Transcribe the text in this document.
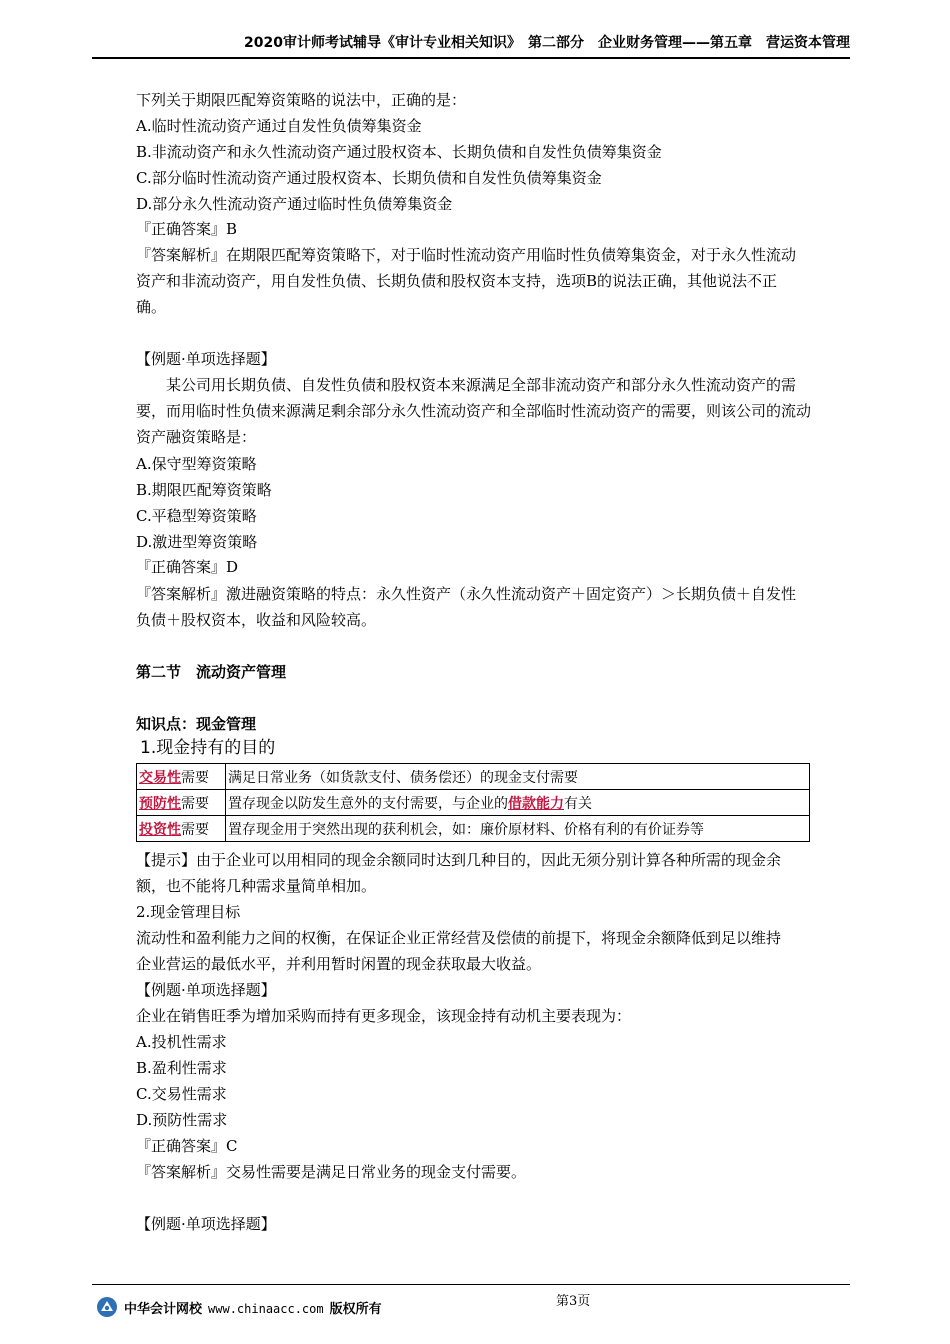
2020审计师考试辅导《审计专业相关知识》　第二部分　企业财务管理——第五章　营运资本管理

下列关于期限匹配筹资策略的说法中，正确的是：

A.临时性流动资产通过自发性负债筹集资金

B.非流动资产和永久性流动资产通过股权资本、长期负债和自发性负债筹集资金

C.部分临时性流动资产通过股权资本、长期负债和自发性负债筹集资金

D.部分永久性流动资产通过临时性负债筹集资金

『正确答案』B

『答案解析』在期限匹配筹资策略下，对于临时性流动资产用临时性负债筹集资金，对于永久性流动

资产和非流动资产，用自发性负债、长期负债和股权资本支持，选项B的说法正确，其他说法不正

确。

【例题·单项选择题】

某公司用长期负债、自发性负债和股权资本来源满足全部非流动资产和部分永久性流动资产的需

要，而用临时性负债来源满足剩余部分永久性流动资产和全部临时性流动资产的需要，则该公司的流动

资产融资策略是：

A.保守型筹资策略

B.期限匹配筹资策略

C.平稳型筹资策略

D.激进型筹资策略

『正确答案』D

『答案解析』激进融资策略的特点：永久性资产（永久性流动资产＋固定资产）＞长期负债＋自发性

负债＋股权资本，收益和风险较高。

第二节　流动资产管理

知识点：现金管理

1.现金持有的目的

交易性需要	满足日常业务（如货款支付、债务偿还）的现金支付需要
预防性需要	置存现金以防发生意外的支付需要，与企业的借款能力有关
投资性需要	置存现金用于突然出现的获利机会，如：廉价原材料、价格有利的有价证券等

【提示】由于企业可以用相同的现金余额同时达到几种目的，因此无须分别计算各种所需的现金余

额，也不能将几种需求量简单相加。

2.现金管理目标

流动性和盈利能力之间的权衡，在保证企业正常经营及偿债的前提下，将现金余额降低到足以维持

企业营运的最低水平，并利用暂时闲置的现金获取最大收益。

【例题·单项选择题】

企业在销售旺季为增加采购而持有更多现金，该现金持有动机主要表现为：

A.投机性需求

B.盈利性需求

C.交易性需求

D.预防性需求

『正确答案』C

『答案解析』交易性需要是满足日常业务的现金支付需要。

【例题·单项选择题】

中华会计网校 www.chinaacc.com 版权所有
第3页
